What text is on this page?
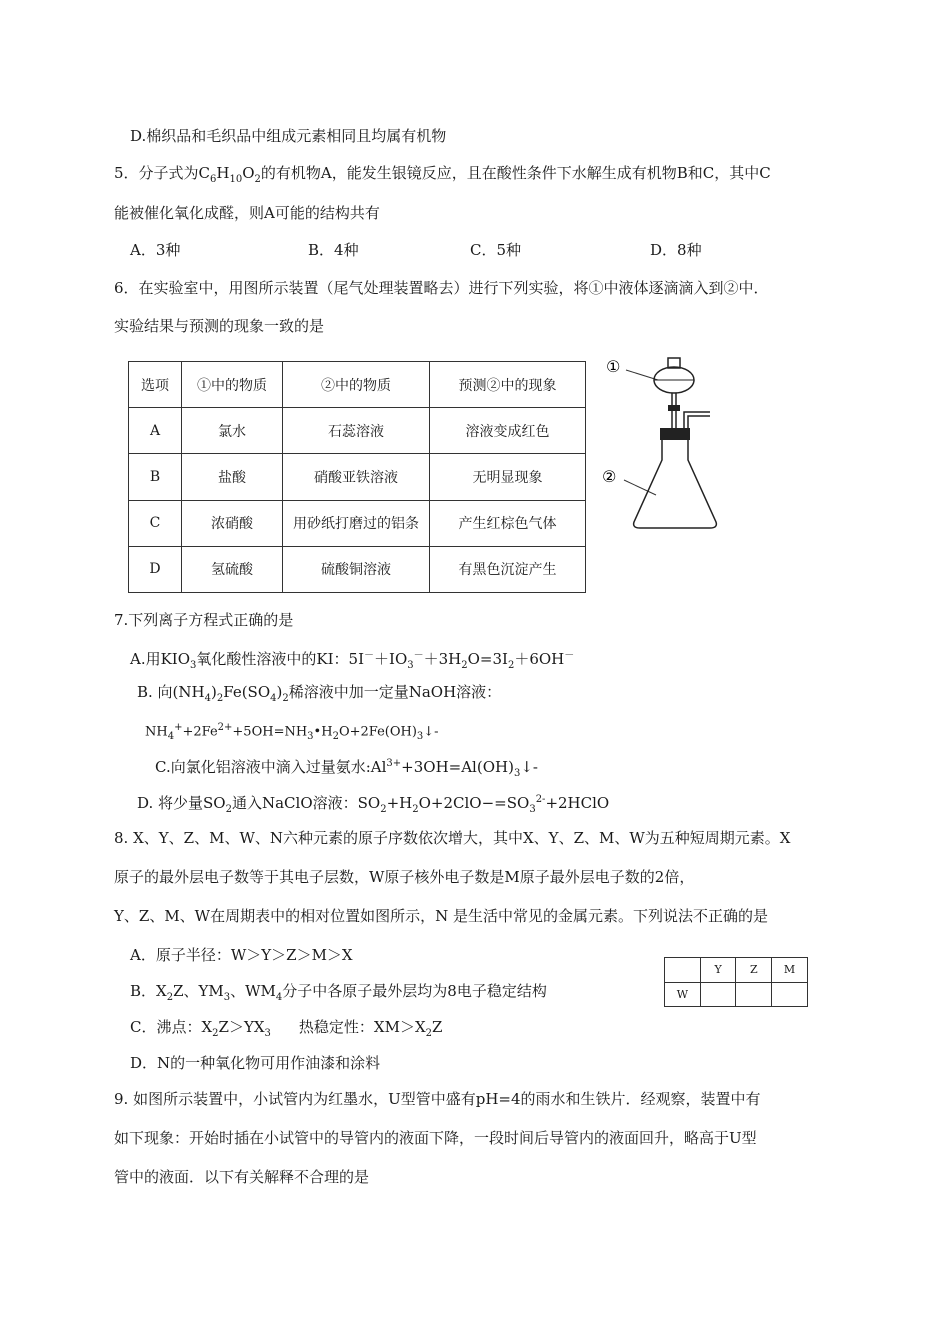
D.棉织品和毛织品中组成元素相同且均属有机物
5．分子式为$C_6H_{10}O_2$的有机物A，能发生银镜反应，且在酸性条件下水解生成有机物B和C，其中C
能被催化氧化成醛，则A可能的结构共有
A．3种	B．4种	C．5种	D．8种
6．在实验室中，用图所示装置（尾气处理装置略去）进行下列实验，将①中液体逐滴滴入到②中．
实验结果与预测的现象一致的是
选项	①中的物质	②中的物质	预测②中的现象
A	氯水	石蕊溶液	溶液变成红色
B	盐酸	硝酸亚铁溶液	无明显现象
C	浓硝酸	用砂纸打磨过的铝条	产生红棕色气体
D	氢硫酸	硫酸铜溶液	有黑色沉淀产生
①
②
7.下列离子方程式正确的是
A.用$KIO_3$氧化酸性溶液中的KI：$5I^-+IO_3^-+3H_2O=3I_2+6OH^-$
B. 向$(NH_4)_2Fe(SO_4)_2$稀溶液中加一定量NaOH溶液：
$NH_4^++2Fe^{2+}+5OH=NH_3•H_2O+2Fe(OH)_3↓-$
C.向氯化铝溶液中滴入过量氨水$:Al^{3+}+3OH=Al(OH)_3↓-$
D. 将少量$SO_2$通入NaClO溶液：$SO_2+H_2O+2ClO-=SO_3^{2-}+2HClO$
8. X、Y、Z、M、W、N六种元素的原子序数依次增大，其中X、Y、Z、M、W为五种短周期元素。X
原子的最外层电子数等于其电子层数，W原子核外电子数是M原子最外层电子数的2倍，
Y、Z、M、W在周期表中的相对位置如图所示，N 是生活中常见的金属元素。下列说法不正确的是
A．原子半径：W＞Y＞Z＞M＞X
B．$X_2Z$、$YM_3$、$WM_4$分子中各原子最外层均为8电子稳定结构
C．沸点：$X_2Z>YX_3$ 热稳定性：$XM>X_2Z$
D．N的一种氧化物可用作油漆和涂料
	Y	Z	M
W			
9. 如图所示装置中，小试管内为红墨水，U型管中盛有pH=4的雨水和生铁片．经观察，装置中有
如下现象：开始时插在小试管中的导管内的液面下降，一段时间后导管内的液面回升，略高于U型
管中的液面．以下有关解释不合理的是
